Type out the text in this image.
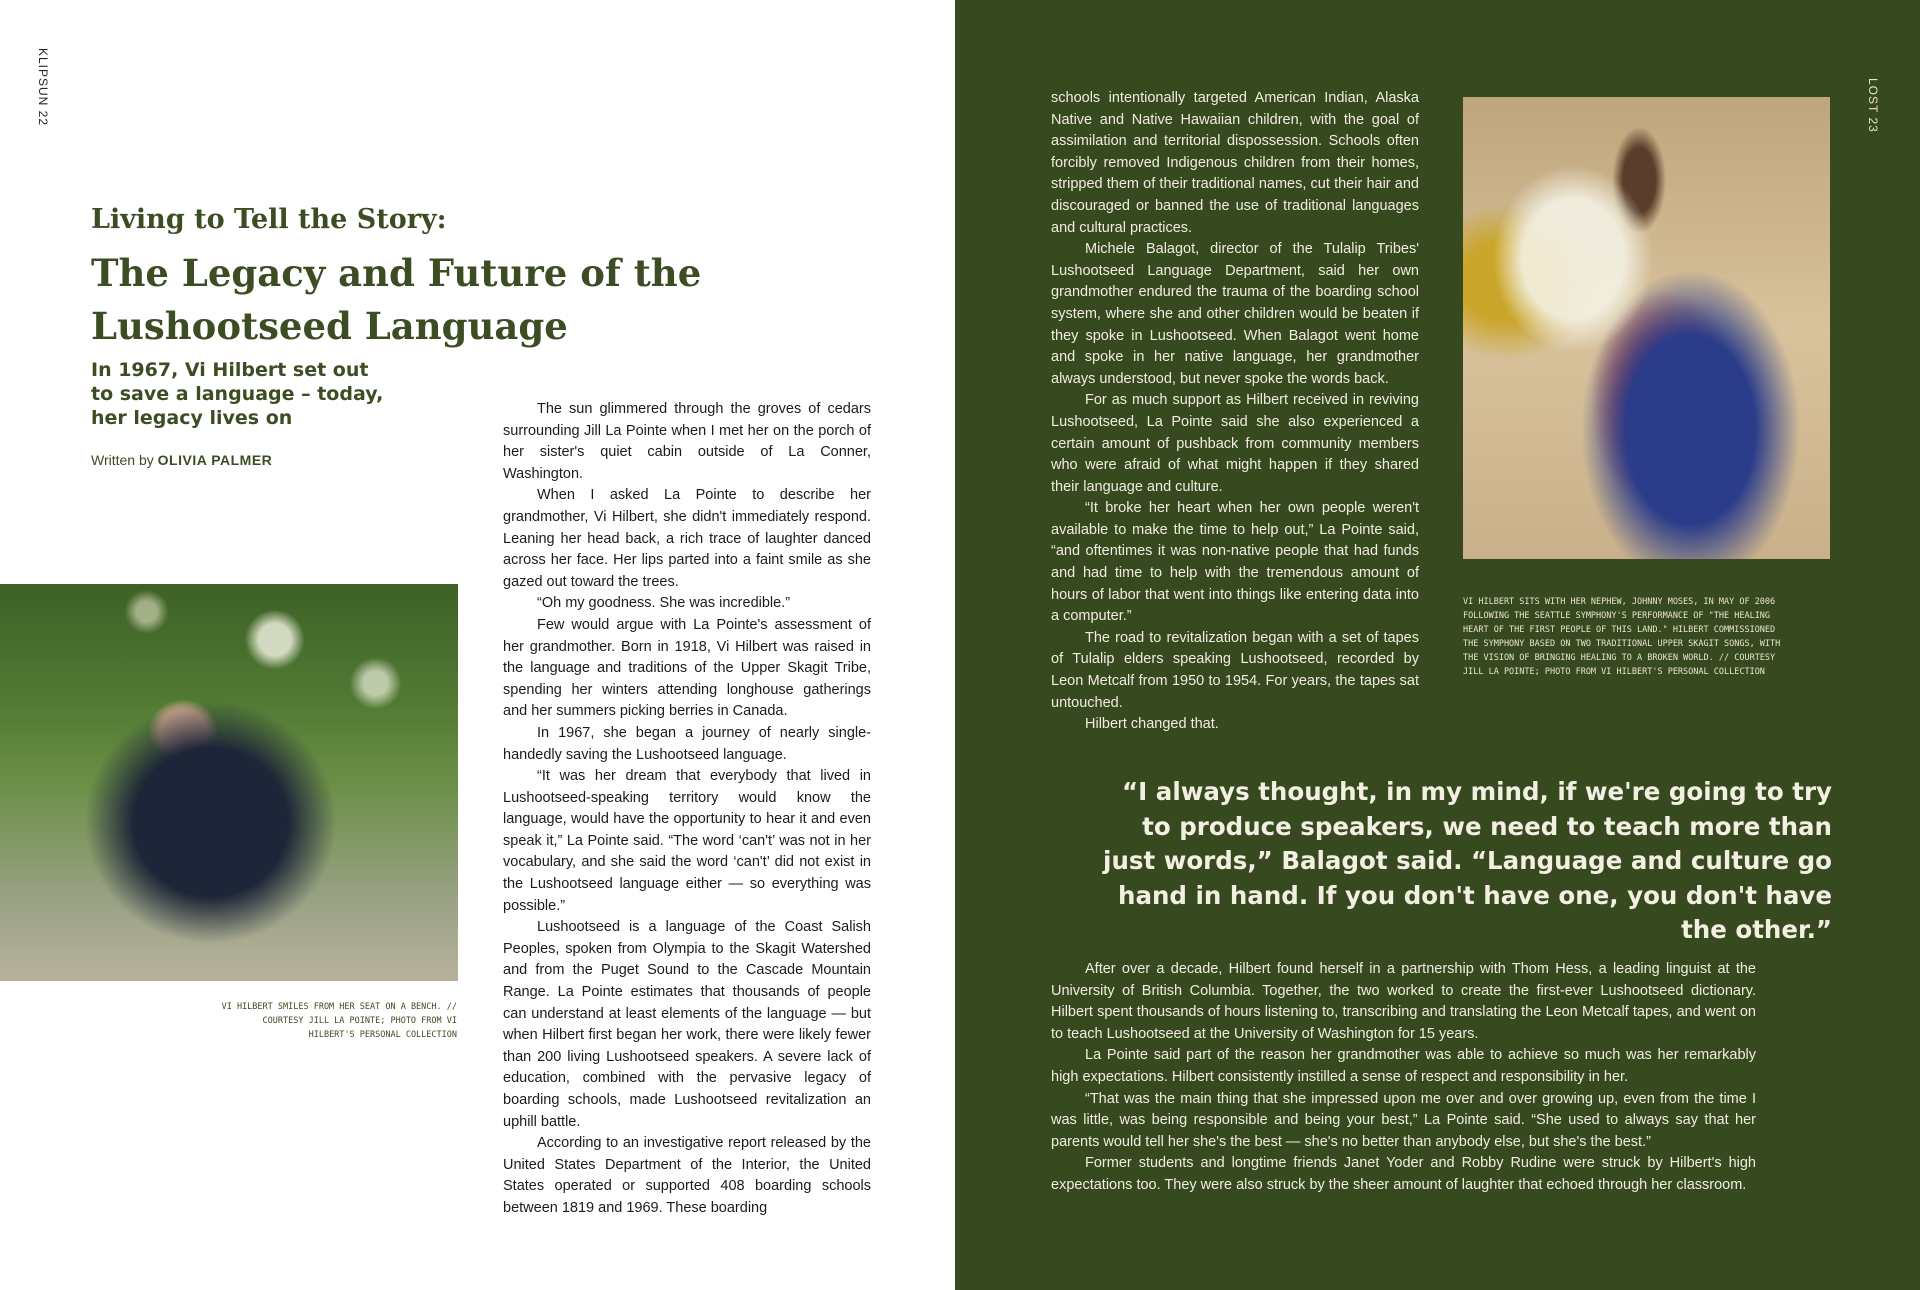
KLIPSUN 22
Living to Tell the Story:
The Legacy and Future of the Lushootseed Language
In 1967, Vi Hilbert set out to save a language – today, her legacy lives on
Written by OLIVIA PALMER

VI HILBERT SMILES FROM HER SEAT ON A BENCH. // COURTESY JILL LA POINTE; PHOTO FROM VI HILBERT'S PERSONAL COLLECTION

The sun glimmered through the groves of cedars surrounding Jill La Pointe when I met her on the porch of her sister's quiet cabin outside of La Conner, Washington.

When I asked La Pointe to describe her grandmother, Vi Hilbert, she didn't immediately respond. Leaning her head back, a rich trace of laughter danced across her face. Her lips parted into a faint smile as she gazed out toward the trees.

“Oh my goodness. She was incredible.”

Few would argue with La Pointe's assessment of her grandmother. Born in 1918, Vi Hilbert was raised in the language and traditions of the Upper Skagit Tribe, spending her winters attending longhouse gatherings and her summers picking berries in Canada.

In 1967, she began a journey of nearly single-handedly saving the Lushootseed language.

“It was her dream that everybody that lived in Lushootseed-speaking territory would know the language, would have the opportunity to hear it and even speak it,” La Pointe said. “The word ‘can't’ was not in her vocabulary, and she said the word ‘can't’ did not exist in the Lushootseed language either — so everything was possible.”

Lushootseed is a language of the Coast Salish Peoples, spoken from Olympia to the Skagit Watershed and from the Puget Sound to the Cascade Mountain Range. La Pointe estimates that thousands of people can understand at least elements of the language — but when Hilbert first began her work, there were likely fewer than 200 living Lushootseed speakers. A severe lack of education, combined with the pervasive legacy of boarding schools, made Lushootseed revitalization an uphill battle.

According to an investigative report released by the United States Department of the Interior, the United States operated or supported 408 boarding schools between 1819 and 1969. These boarding

LOST 23

schools intentionally targeted American Indian, Alaska Native and Native Hawaiian children, with the goal of assimilation and territorial dispossession. Schools often forcibly removed Indigenous children from their homes, stripped them of their traditional names, cut their hair and discouraged or banned the use of traditional languages and cultural practices.

Michele Balagot, director of the Tulalip Tribes' Lushootseed Language Department, said her own grandmother endured the trauma of the boarding school system, where she and other children would be beaten if they spoke in Lushootseed. When Balagot went home and spoke in her native language, her grandmother always understood, but never spoke the words back.

For as much support as Hilbert received in reviving Lushootseed, La Pointe said she also experienced a certain amount of pushback from community members who were afraid of what might happen if they shared their language and culture.

“It broke her heart when her own people weren't available to make the time to help out,” La Pointe said, “and oftentimes it was non-native people that had funds and had time to help with the tremendous amount of hours of labor that went into things like entering data into a computer.”

The road to revitalization began with a set of tapes of Tulalip elders speaking Lushootseed, recorded by Leon Metcalf from 1950 to 1954. For years, the tapes sat untouched.

Hilbert changed that.

VI HILBERT SITS WITH HER NEPHEW, JOHNNY MOSES, IN MAY OF 2006 FOLLOWING THE SEATTLE SYMPHONY'S PERFORMANCE OF "THE HEALING HEART OF THE FIRST PEOPLE OF THIS LAND." HILBERT COMMISSIONED THE SYMPHONY BASED ON TWO TRADITIONAL UPPER SKAGIT SONGS, WITH THE VISION OF BRINGING HEALING TO A BROKEN WORLD. // COURTESY JILL LA POINTE; PHOTO FROM VI HILBERT'S PERSONAL COLLECTION

“I always thought, in my mind, if we're going to try to produce speakers, we need to teach more than just words,” Balagot said. “Language and culture go hand in hand. If you don't have one, you don't have the other.”

After over a decade, Hilbert found herself in a partnership with Thom Hess, a leading linguist at the University of British Columbia. Together, the two worked to create the first-ever Lushootseed dictionary. Hilbert spent thousands of hours listening to, transcribing and translating the Leon Metcalf tapes, and went on to teach Lushootseed at the University of Washington for 15 years.

La Pointe said part of the reason her grandmother was able to achieve so much was her remarkably high expectations. Hilbert consistently instilled a sense of respect and responsibility in her.

“That was the main thing that she impressed upon me over and over growing up, even from the time I was little, was being responsible and being your best,” La Pointe said. “She used to always say that her parents would tell her she's the best — she's no better than anybody else, but she's the best.”

Former students and longtime friends Janet Yoder and Robby Rudine were struck by Hilbert's high expectations too. They were also struck by the sheer amount of laughter that echoed through her classroom.
